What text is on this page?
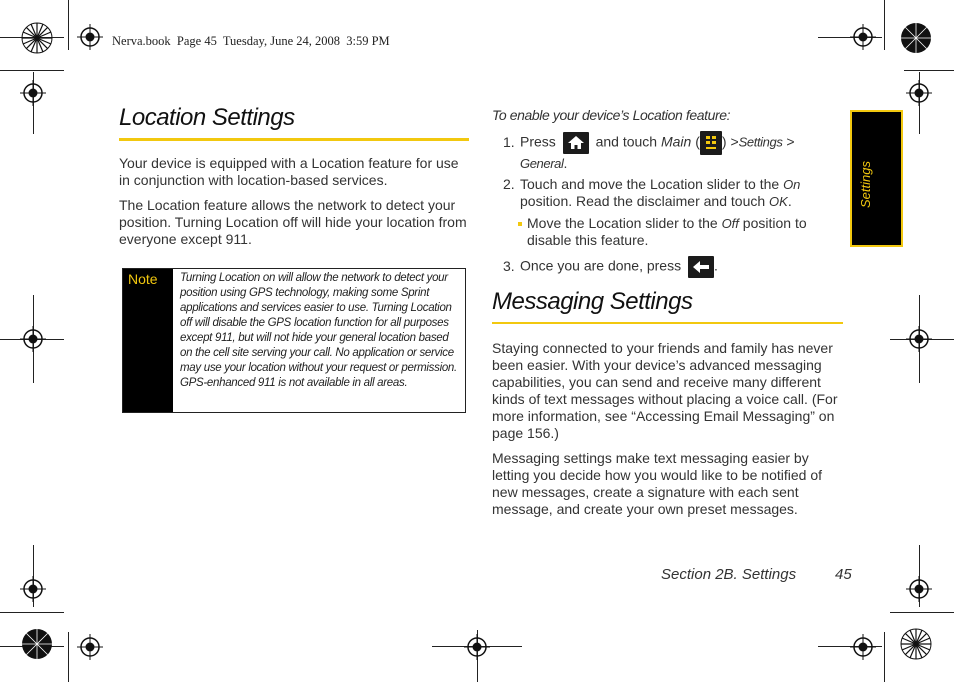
Nerva.book  Page 45  Tuesday, June 24, 2008  3:59 PM
Location Settings

Your device is equipped with a Location feature for use in conjunction with location-based services.

The Location feature allows the network to detect your position. Turning Location off will hide your location from everyone except 911.

Note	Turning Location on will allow the network to detect your position using GPS technology, making some Sprint applications and services easier to use. Turning Location off will disable the GPS location function for all purposes except 911, but will not hide your general location based on the cell site serving your call. No application or service may use your location without your request or permission. GPS-enhanced 911 is not available in all areas.
To enable your device’s Location feature:
1. Press	and touch Main ( ) >Settings >
General.
2. Touch and move the Location slider to the On position. Read the disclaimer and touch OK.
Move the Location slider to the Off position to disable this feature.
3. Once you are done, press .
Messaging Settings

Staying connected to your friends and family has never been easier. With your device’s advanced messaging capabilities, you can send and receive many different kinds of text messages without placing a voice call. (For more information, see “Accessing Email Messaging” on page 156.)

Messaging settings make text messaging easier by letting you decide how you would like to be notified of new messages, create a signature with each sent message, and create your own preset messages.

Settings
Section 2B. Settings	45
